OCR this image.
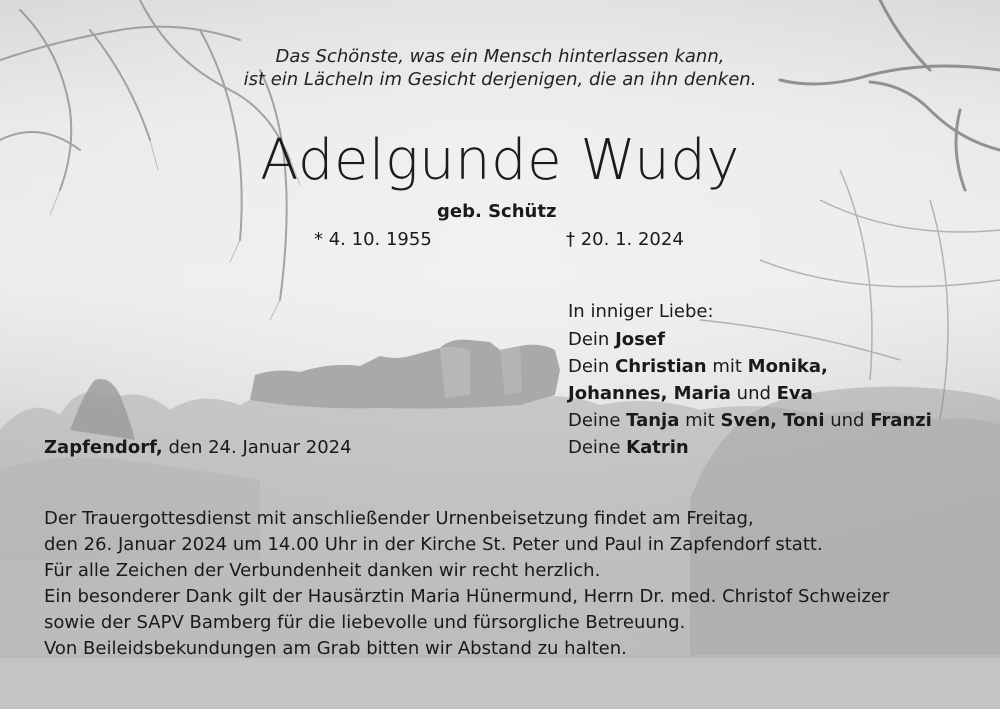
Das Schönste, was ein Mensch hinterlassen kann,
ist ein Lächeln im Gesicht derjenigen, die an ihn denken.
Adelgunde Wudy
geb. Schütz
* 4. 10. 1955	† 20. 1. 2024
In inniger Liebe:
Dein Josef
Dein Christian mit Monika,
Johannes, Maria und Eva
Deine Tanja mit Sven, Toni und Franzi
Deine Katrin
Zapfendorf, den 24. Januar 2024
Der Trauergottesdienst mit anschließender Urnenbeisetzung findet am Freitag,
den 26. Januar 2024 um 14.00 Uhr in der Kirche St. Peter und Paul in Zapfendorf statt.
Für alle Zeichen der Verbundenheit danken wir recht herzlich.
Ein besonderer Dank gilt der Hausärztin Maria Hünermund, Herrn Dr. med. Christof Schweizer
sowie der SAPV Bamberg für die liebevolle und fürsorgliche Betreuung.
Von Beileidsbekundungen am Grab bitten wir Abstand zu halten.
